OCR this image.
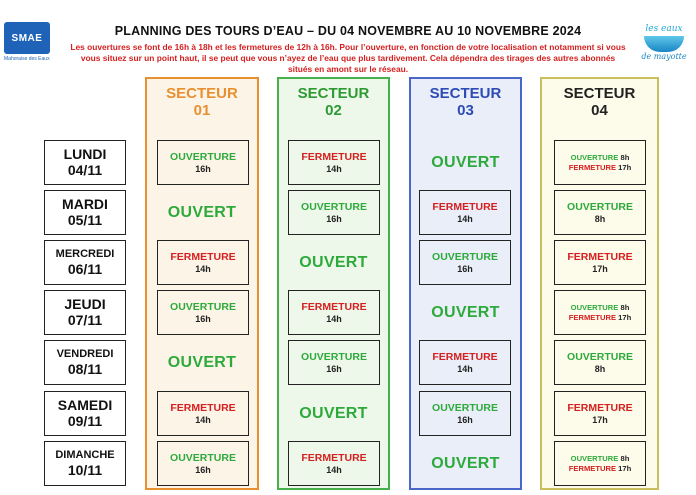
SMAE
Mahoraise des Eaux
PLANNING DES TOURS D’EAU – DU 04 NOVEMBRE AU 10 NOVEMBRE 2024
Les ouvertures se font de 16h à 18h et les fermetures de 12h à 16h. Pour l’ouverture, en fonction de votre localisation et notamment si vous vous situez sur un point haut, il se peut que vous n’ayez de l’eau que plus tardivement. Cela dépendra des tirages des autres abonnés situés en amont sur le réseau.
les eaux
de mayotte
SECTEUR
01
SECTEUR
02
SECTEUR
03
SECTEUR
04
LUNDI
04/11
MARDI
05/11
MERCREDI
06/11
JEUDI
07/11
VENDREDI
08/11
SAMEDI
09/11
DIMANCHE
10/11
OUVERTURE
16h
OUVERT
FERMETURE
14h
OUVERTURE
16h
OUVERT
FERMETURE
14h
OUVERTURE
16h
FERMETURE
14h
OUVERTURE
16h
OUVERT
FERMETURE
14h
OUVERTURE
16h
OUVERT
FERMETURE
14h
OUVERT
FERMETURE
14h
OUVERTURE
16h
OUVERT
FERMETURE
14h
OUVERTURE
16h
OUVERT
OUVERTURE 8h
FERMETURE 17h
OUVERTURE
8h
FERMETURE
17h
OUVERTURE 8h
FERMETURE 17h
OUVERTURE
8h
FERMETURE
17h
OUVERTURE 8h
FERMETURE 17h
